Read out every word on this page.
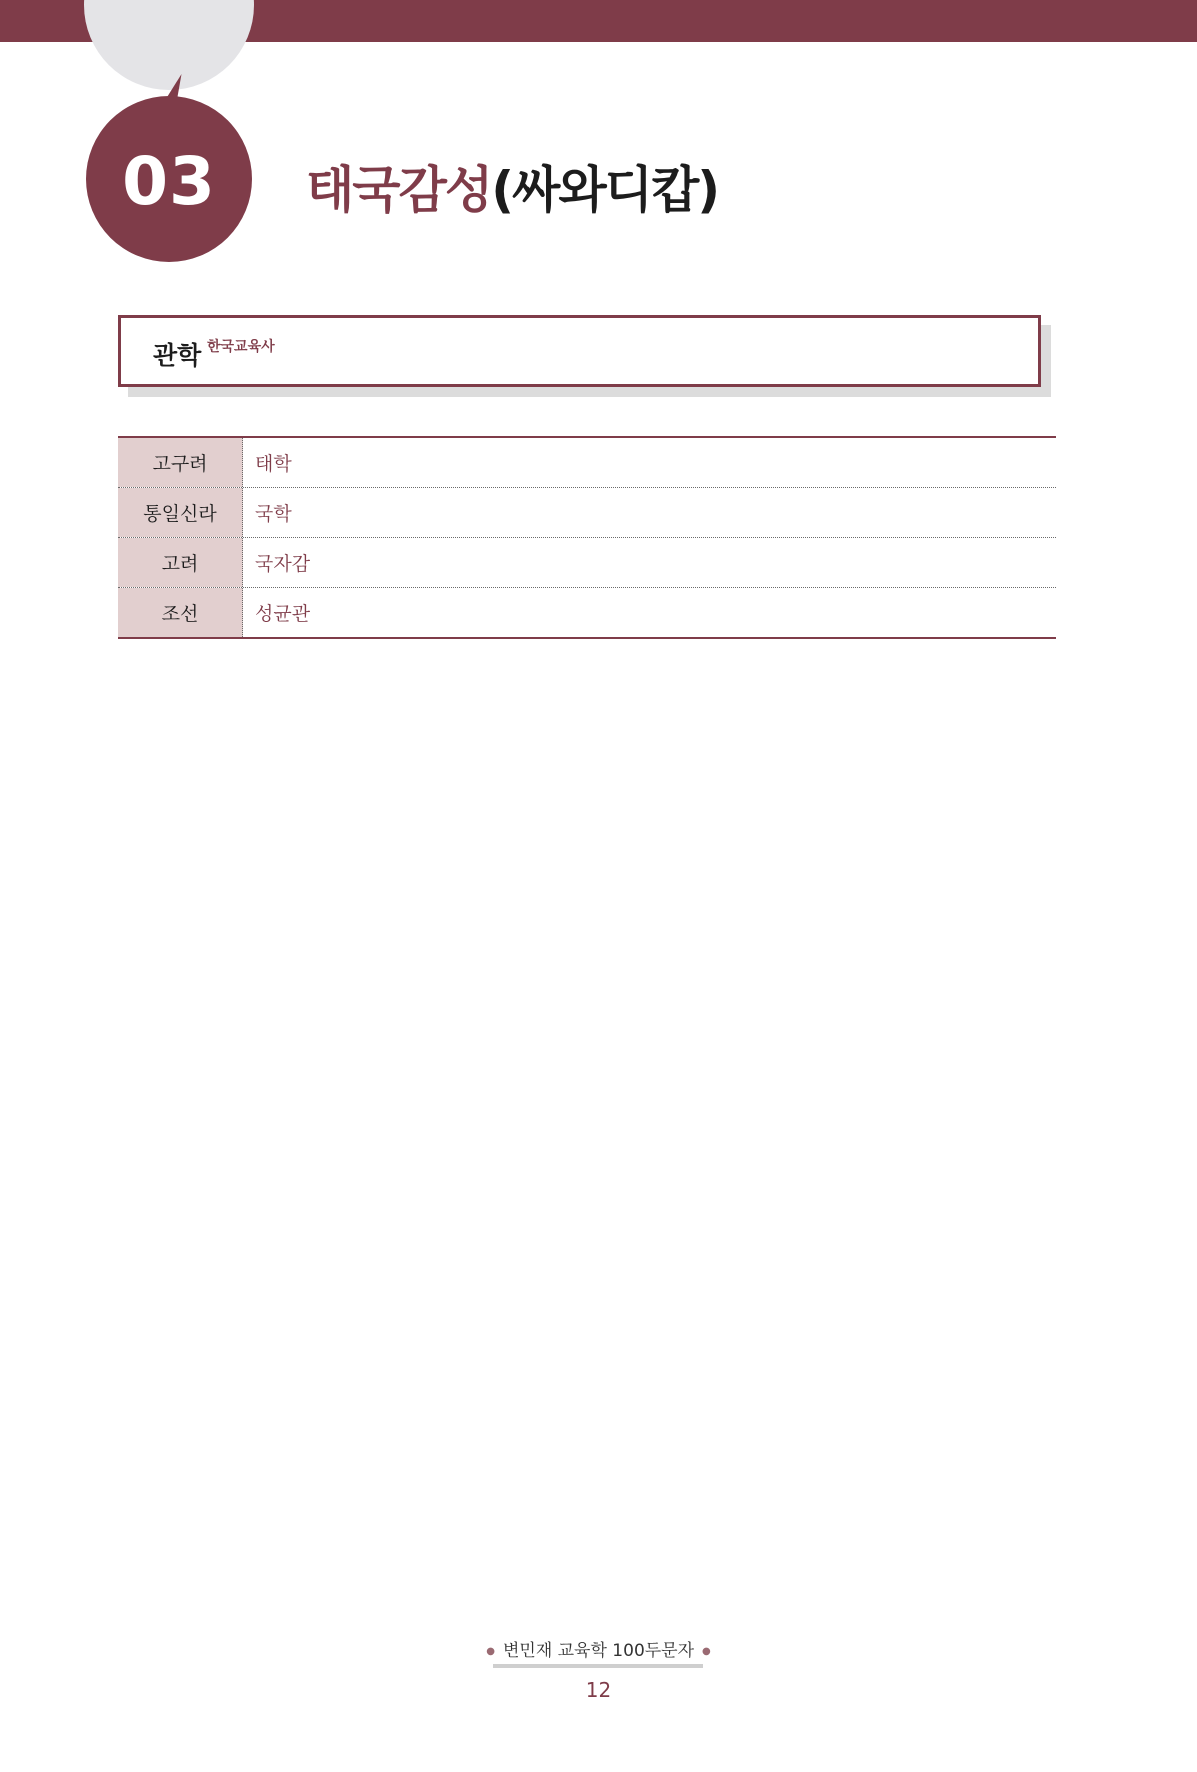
03 태국감성(싸와디캅)
관학 한국교육사
고구려	태학
통일신라	국학
고려	국자감
조선	성균관
● 변민재 교육학 100두문자 ●
12
